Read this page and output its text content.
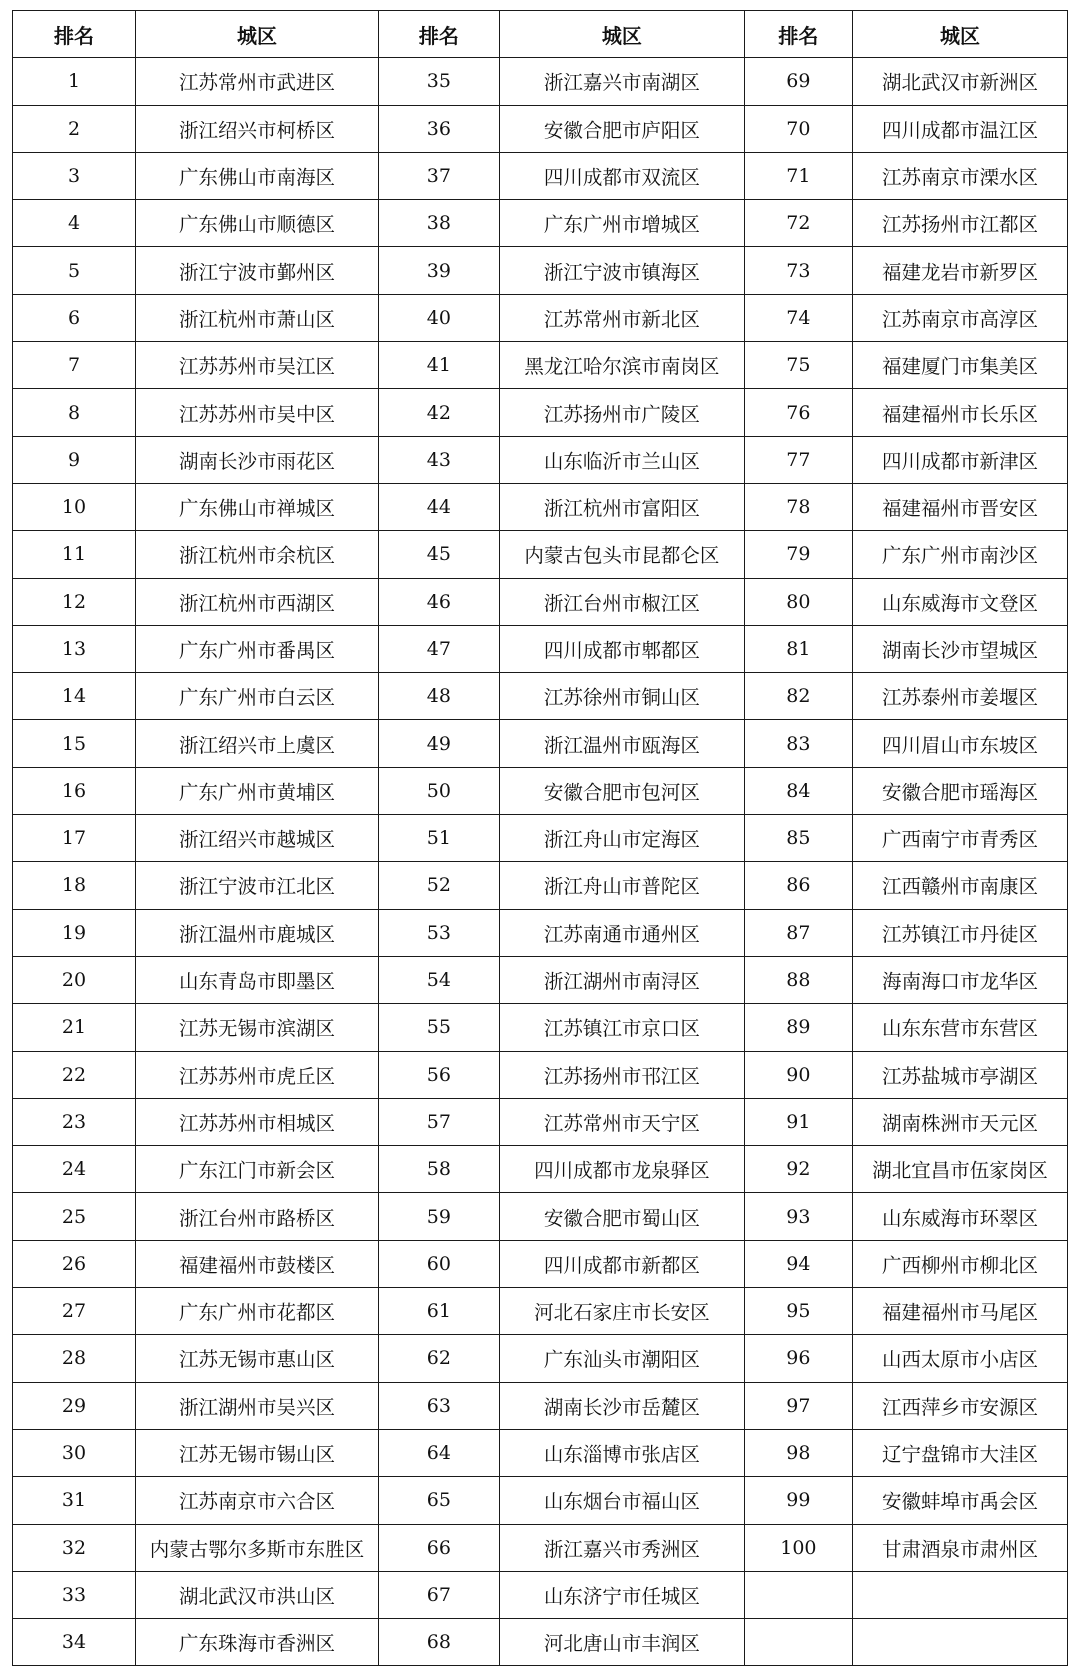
排名	城区	排名	城区	排名	城区
1	江苏常州市武进区	35	浙江嘉兴市南湖区	69	湖北武汉市新洲区
2	浙江绍兴市柯桥区	36	安徽合肥市庐阳区	70	四川成都市温江区
3	广东佛山市南海区	37	四川成都市双流区	71	江苏南京市溧水区
4	广东佛山市顺德区	38	广东广州市增城区	72	江苏扬州市江都区
5	浙江宁波市鄞州区	39	浙江宁波市镇海区	73	福建龙岩市新罗区
6	浙江杭州市萧山区	40	江苏常州市新北区	74	江苏南京市高淳区
7	江苏苏州市吴江区	41	黑龙江哈尔滨市南岗区	75	福建厦门市集美区
8	江苏苏州市吴中区	42	江苏扬州市广陵区	76	福建福州市长乐区
9	湖南长沙市雨花区	43	山东临沂市兰山区	77	四川成都市新津区
10	广东佛山市禅城区	44	浙江杭州市富阳区	78	福建福州市晋安区
11	浙江杭州市余杭区	45	内蒙古包头市昆都仑区	79	广东广州市南沙区
12	浙江杭州市西湖区	46	浙江台州市椒江区	80	山东威海市文登区
13	广东广州市番禺区	47	四川成都市郫都区	81	湖南长沙市望城区
14	广东广州市白云区	48	江苏徐州市铜山区	82	江苏泰州市姜堰区
15	浙江绍兴市上虞区	49	浙江温州市瓯海区	83	四川眉山市东坡区
16	广东广州市黄埔区	50	安徽合肥市包河区	84	安徽合肥市瑶海区
17	浙江绍兴市越城区	51	浙江舟山市定海区	85	广西南宁市青秀区
18	浙江宁波市江北区	52	浙江舟山市普陀区	86	江西赣州市南康区
19	浙江温州市鹿城区	53	江苏南通市通州区	87	江苏镇江市丹徒区
20	山东青岛市即墨区	54	浙江湖州市南浔区	88	海南海口市龙华区
21	江苏无锡市滨湖区	55	江苏镇江市京口区	89	山东东营市东营区
22	江苏苏州市虎丘区	56	江苏扬州市邗江区	90	江苏盐城市亭湖区
23	江苏苏州市相城区	57	江苏常州市天宁区	91	湖南株洲市天元区
24	广东江门市新会区	58	四川成都市龙泉驿区	92	湖北宜昌市伍家岗区
25	浙江台州市路桥区	59	安徽合肥市蜀山区	93	山东威海市环翠区
26	福建福州市鼓楼区	60	四川成都市新都区	94	广西柳州市柳北区
27	广东广州市花都区	61	河北石家庄市长安区	95	福建福州市马尾区
28	江苏无锡市惠山区	62	广东汕头市潮阳区	96	山西太原市小店区
29	浙江湖州市吴兴区	63	湖南长沙市岳麓区	97	江西萍乡市安源区
30	江苏无锡市锡山区	64	山东淄博市张店区	98	辽宁盘锦市大洼区
31	江苏南京市六合区	65	山东烟台市福山区	99	安徽蚌埠市禹会区
32	内蒙古鄂尔多斯市东胜区	66	浙江嘉兴市秀洲区	100	甘肃酒泉市肃州区
33	湖北武汉市洪山区	67	山东济宁市任城区		
34	广东珠海市香洲区	68	河北唐山市丰润区		
